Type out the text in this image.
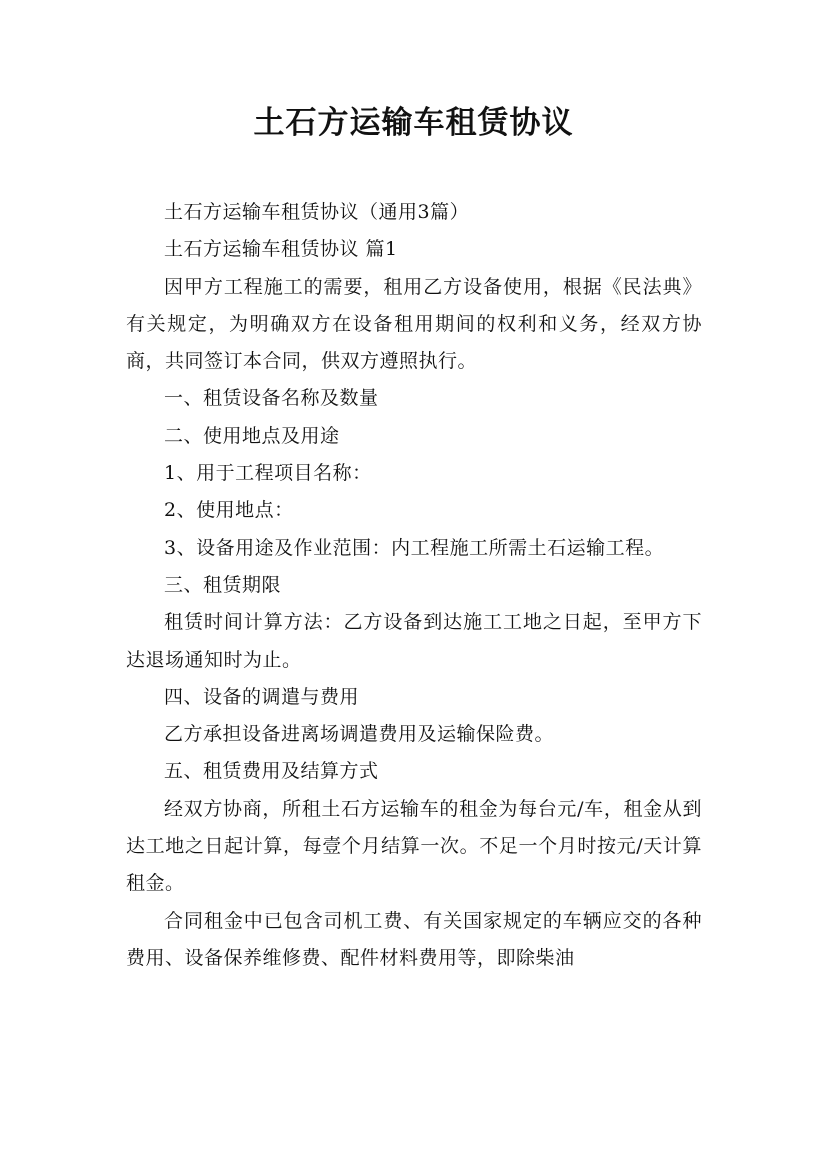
土石方运输车租赁协议

土石方运输车租赁协议（通用3篇）

土石方运输车租赁协议 篇1

因甲方工程施工的需要，租用乙方设备使用，根据《民法典》有关规定，为明确双方在设备租用期间的权利和义务，经双方协商，共同签订本合同，供双方遵照执行。

一、租赁设备名称及数量

二、使用地点及用途

1、用于工程项目名称：

2、使用地点：

3、设备用途及作业范围：内工程施工所需土石运输工程。

三、租赁期限

租赁时间计算方法：乙方设备到达施工工地之日起，至甲方下达退场通知时为止。

四、设备的调遣与费用

乙方承担设备进离场调遣费用及运输保险费。

五、租赁费用及结算方式

经双方协商，所租土石方运输车的租金为每台元/车，租金从到达工地之日起计算，每壹个月结算一次。不足一个月时按元/天计算租金。

合同租金中已包含司机工费、有关国家规定的车辆应交的各种费用、设备保养维修费、配件材料费用等，即除柴油
